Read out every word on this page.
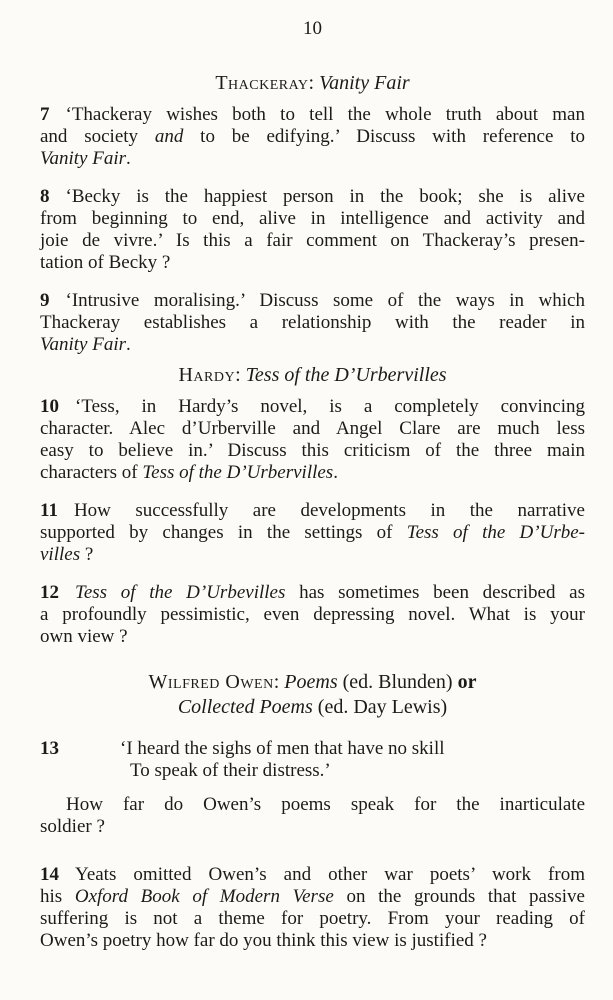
10
Thackeray: Vanity Fair
7 ‘Thackeray wishes both to tell the whole truth about man
and society and to be edifying.’ Discuss with reference to
Vanity Fair.
8 ‘Becky is the happiest person in the book; she is alive
from beginning to end, alive in intelligence and activity and
joie de vivre.’ Is this a fair comment on Thackeray’s presen-
tation of Becky ?
9 ‘Intrusive moralising.’ Discuss some of the ways in which
Thackeray establishes a relationship with the reader in
Vanity Fair.
Hardy: Tess of the D’Urbervilles
10 ‘Tess, in Hardy’s novel, is a completely convincing
character. Alec d’Urberville and Angel Clare are much less
easy to believe in.’ Discuss this criticism of the three main
characters of Tess of the D’Urbervilles.
11 How successfully are developments in the narrative
supported by changes in the settings of Tess of the D’Urbe-
villes ?
12 Tess of the D’Urbevilles has sometimes been described as
a profoundly pessimistic, even depressing novel. What is your
own view ?
Wilfred Owen: Poems (ed. Blunden) or
Collected Poems (ed. Day Lewis)
13	‘I heard the sighs of men that have no skill
To speak of their distress.’
How far do Owen’s poems speak for the inarticulate
soldier ?
14 Yeats omitted Owen’s and other war poets’ work from
his Oxford Book of Modern Verse on the grounds that passive
suffering is not a theme for poetry. From your reading of
Owen’s poetry how far do you think this view is justified ?
